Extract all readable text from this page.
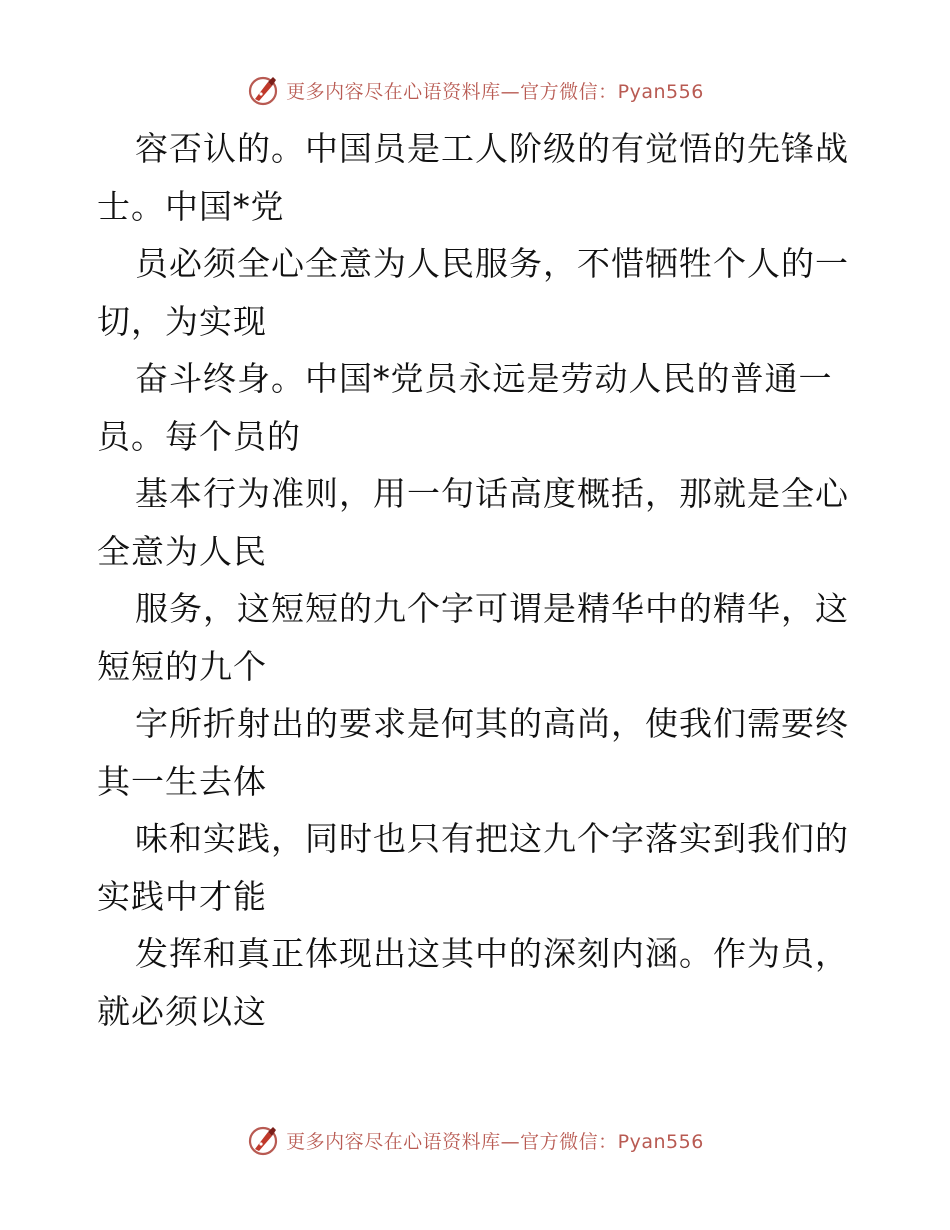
更多内容尽在心语资料库—官方微信：Pyan556
容否认的。中国员是工人阶级的有觉悟的先锋战
士。中国*党
员必须全心全意为人民服务，不惜牺牲个人的一
切，为实现
奋斗终身。中国*党员永远是劳动人民的普通一
员。每个员的
基本行为准则，用一句话高度概括，那就是全心
全意为人民
服务，这短短的九个字可谓是精华中的精华，这
短短的九个
字所折射出的要求是何其的高尚，使我们需要终
其一生去体
味和实践，同时也只有把这九个字落实到我们的
实践中才能
发挥和真正体现出这其中的深刻内涵。作为员，
就必须以这
更多内容尽在心语资料库—官方微信：Pyan556
